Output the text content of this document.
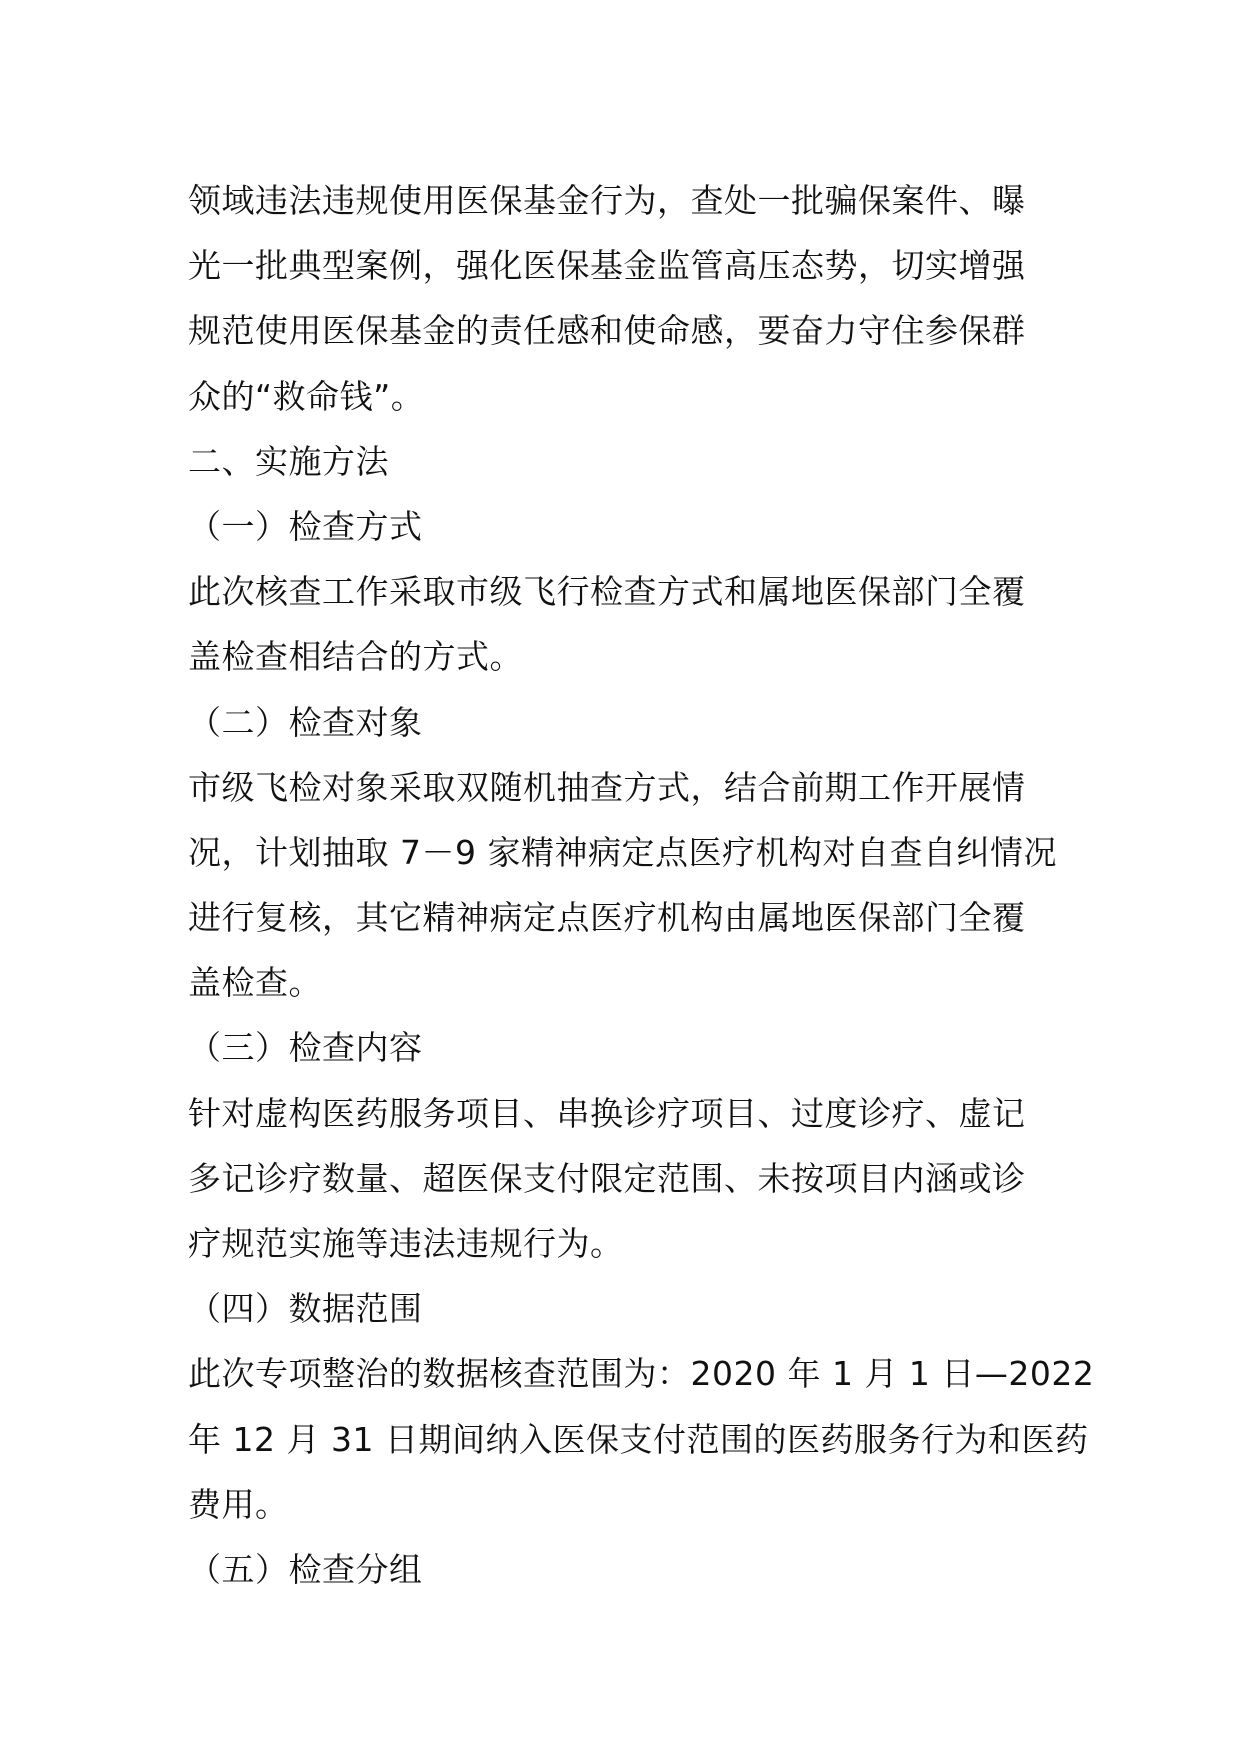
领域违法违规使用医保基金行为，查处一批骗保案件、曝
光一批典型案例，强化医保基金监管高压态势，切实增强
规范使用医保基金的责任感和使命感，要奋力守住参保群
众的“救命钱”。
二、实施方法
（一）检查方式
此次核查工作采取市级飞行检查方式和属地医保部门全覆
盖检查相结合的方式。
（二）检查对象
市级飞检对象采取双随机抽查方式，结合前期工作开展情
况，计划抽取 7－9 家精神病定点医疗机构对自查自纠情况
进行复核，其它精神病定点医疗机构由属地医保部门全覆
盖检查。
（三）检查内容
针对虚构医药服务项目、串换诊疗项目、过度诊疗、虚记
多记诊疗数量、超医保支付限定范围、未按项目内涵或诊
疗规范实施等违法违规行为。
（四）数据范围
此次专项整治的数据核查范围为：2020 年 1 月 1 日—2022
年 12 月 31 日期间纳入医保支付范围的医药服务行为和医药
费用。
（五）检查分组
